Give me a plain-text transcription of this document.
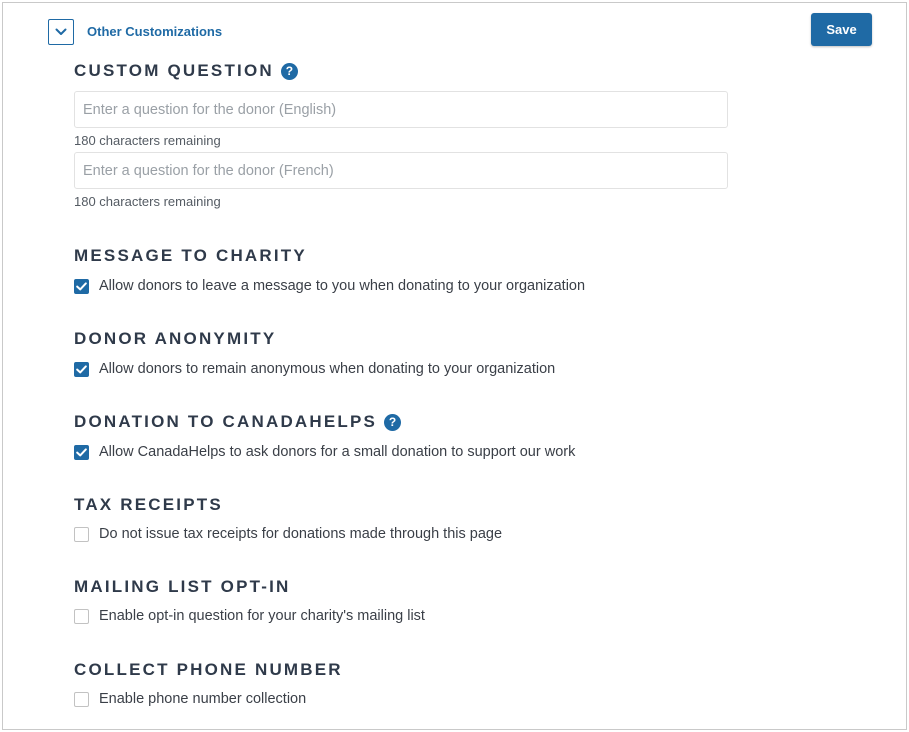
Other Customizations	Save
CUSTOM QUESTION ?
Enter a question for the donor (English)
180 characters remaining
Enter a question for the donor (French)
180 characters remaining
MESSAGE TO CHARITY
Allow donors to leave a message to you when donating to your organization
DONOR ANONYMITY
Allow donors to remain anonymous when donating to your organization
DONATION TO CANADAHELPS ?
Allow CanadaHelps to ask donors for a small donation to support our work
TAX RECEIPTS
Do not issue tax receipts for donations made through this page
MAILING LIST OPT-IN
Enable opt-in question for your charity's mailing list
COLLECT PHONE NUMBER
Enable phone number collection
